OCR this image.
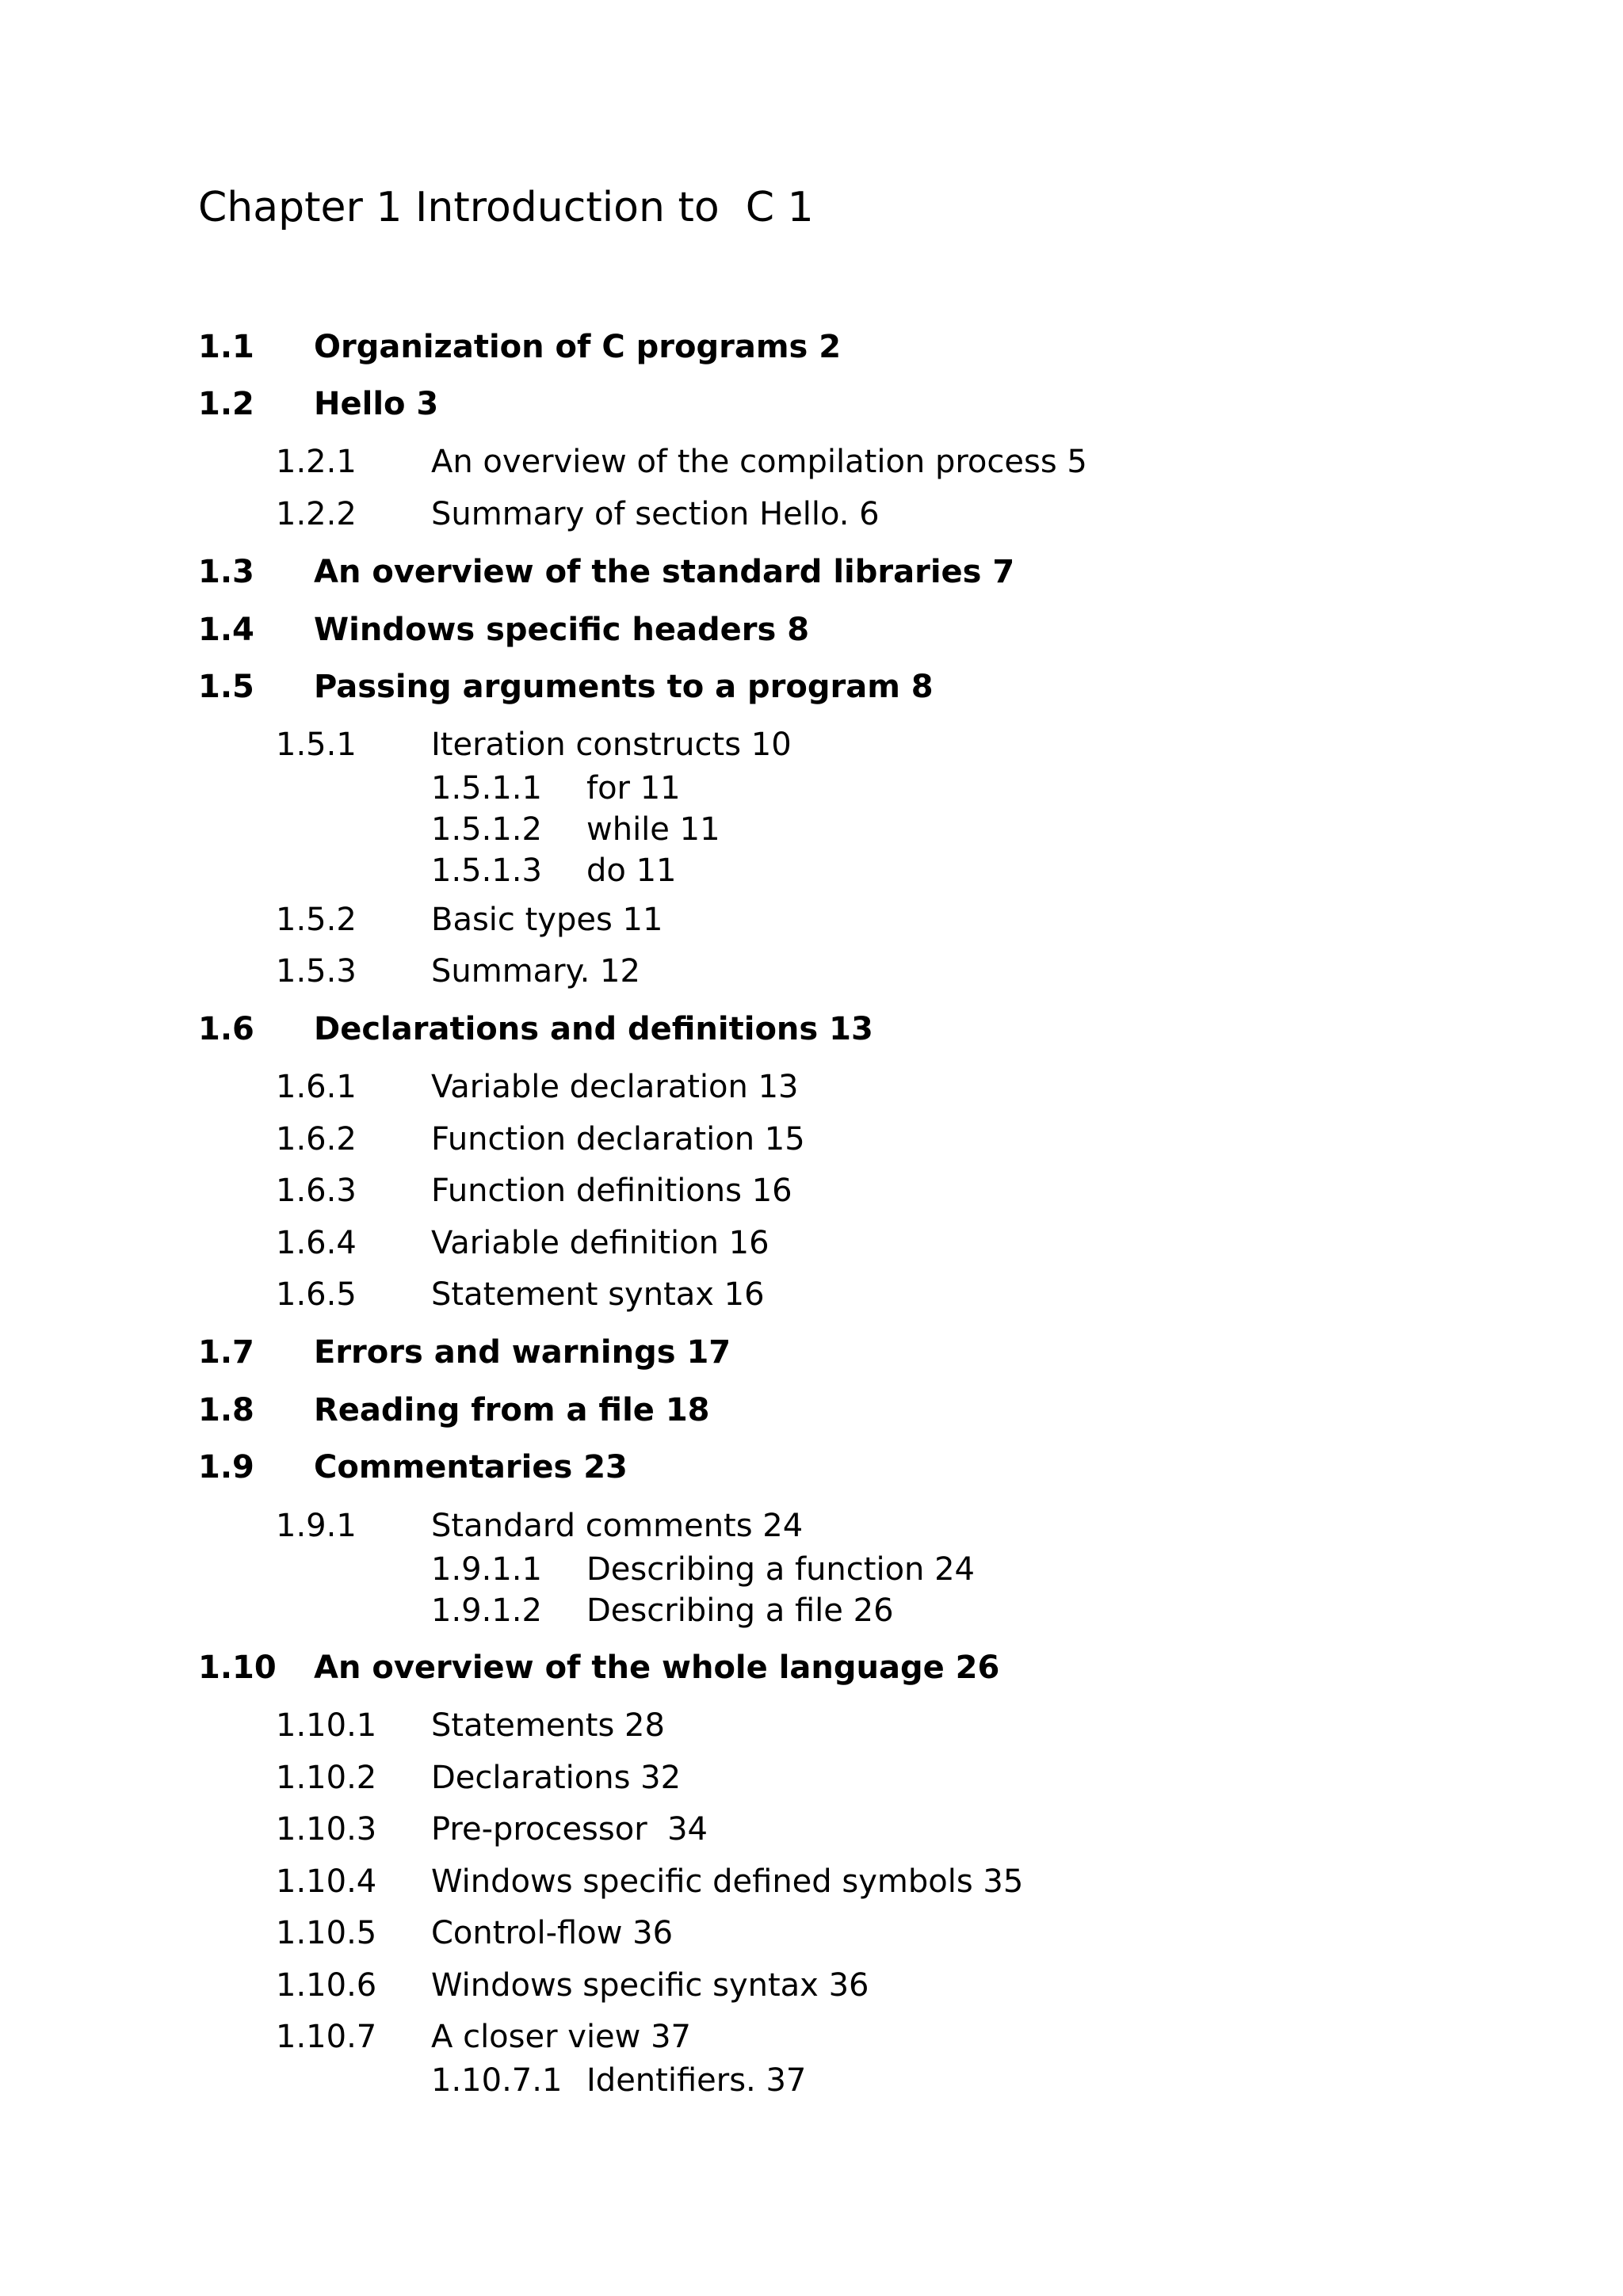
Chapter 1 Introduction to  C 1

1.1

Organization of C programs 2

1.2

Hello 3

1.2.1

An overview of the compilation process 5

1.2.2

Summary of section Hello. 6

1.3

An overview of the standard libraries 7

1.4

Windows specific headers 8

1.5

Passing arguments to a program 8

1.5.1

Iteration constructs 10

1.5.1.1

for 11

1.5.1.2

while 11

1.5.1.3

do 11

1.5.2

Basic types 11

1.5.3

Summary. 12

1.6

Declarations and definitions 13

1.6.1

Variable declaration 13

1.6.2

Function declaration 15

1.6.3

Function definitions 16

1.6.4

Variable definition 16

1.6.5

Statement syntax 16

1.7

Errors and warnings 17

1.8

Reading from a file 18

1.9

Commentaries 23

1.9.1

Standard comments 24

1.9.1.1

Describing a function 24

1.9.1.2

Describing a file 26

1.10

An overview of the whole language 26

1.10.1

Statements 28

1.10.2

Declarations 32

1.10.3

Pre-processor  34

1.10.4

Windows specific defined symbols 35

1.10.5

Control-flow 36

1.10.6

Windows specific syntax 36

1.10.7

A closer view 37

1.10.7.1

Identifiers. 37
